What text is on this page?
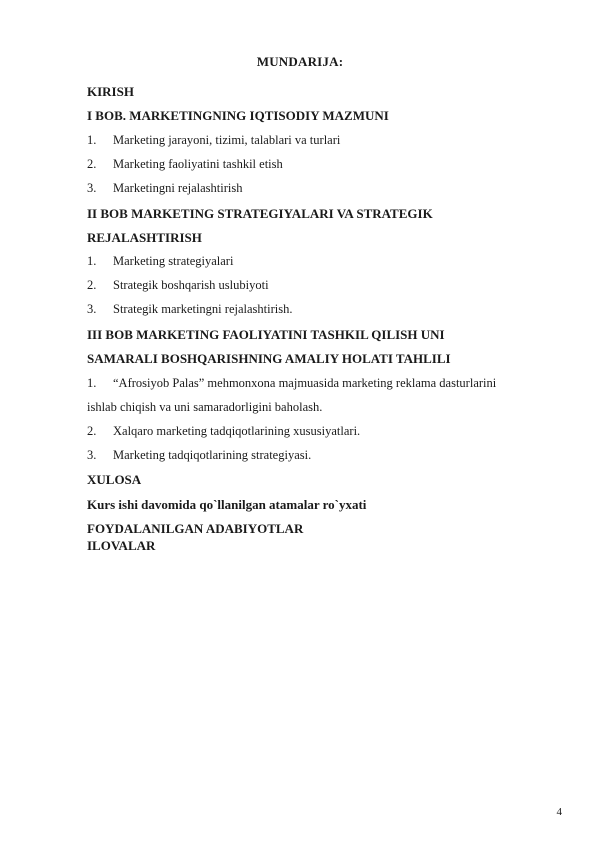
MUNDARIJA:
KIRISH
I BOB. MARKETINGNING IQTISODIY MAZMUNI
1. Marketing jarayoni, tizimi, talablari va turlari
2. Marketing faoliyatini tashkil etish
3. Marketingni rejalashtirish
II BOB MARKETING STRATEGIYALARI VA STRATEGIK
REJALASHTIRISH
1. Marketing strategiyalari
2. Strategik boshqarish uslubiyoti
3. Strategik marketingni rejalashtirish.
III BOB MARKETING FAOLIYATINI TASHKIL QILISH UNI
SAMARALI BOSHQARISHNING AMALIY HOLATI TAHLILI
1. “Afrosiyob Palas” mehmonxona majmuasida marketing reklama dasturlarini
ishlab chiqish va uni samaradorligini baholash.
2. Xalqaro marketing tadqiqotlarining xususiyatlari.
3. Marketing tadqiqotlarining strategiyasi.
XULOSA
Kurs ishi davomida qo`llanilgan atamalar ro`yxati
FOYDALANILGAN ADABIYOTLAR
ILOVALAR
4
